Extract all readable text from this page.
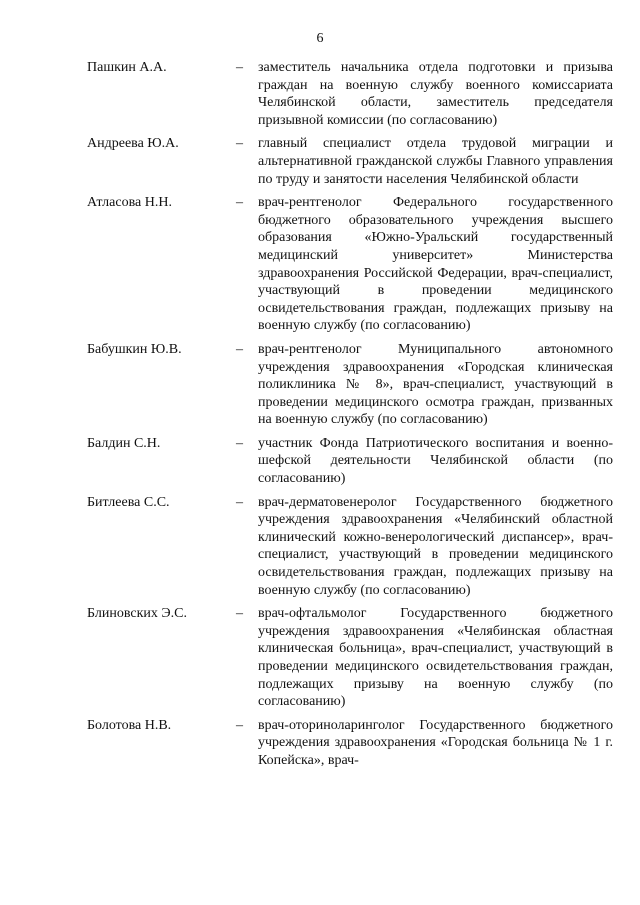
6
Пашкин А.А.	– заместитель начальника отдела подготовки и призыва граждан на военную службу военного комиссариата Челябинской области, заместитель председателя призывной комиссии (по согласованию)
Андреева Ю.А.	– главный специалист отдела трудовой миграции и альтернативной гражданской службы Главного управления по труду и занятости населения Челябинской области
Атласова Н.Н.	– врач-рентгенолог Федерального государственного бюджетного образовательного учреждения высшего образования «Южно-Уральский государственный медицинский университет» Министерства здравоохранения Российской Федерации, врач-специалист, участвующий в проведении медицинского освидетельствования граждан, подлежащих призыву на военную службу (по согласованию)
Бабушкин Ю.В.	– врач-рентгенолог Муниципального автономного учреждения здравоохранения «Городская клиническая поликлиника № 8», врач-специалист, участвующий в проведении медицинского осмотра граждан, призванных на военную службу (по согласованию)
Балдин С.Н.	– участник Фонда Патриотического воспитания и военно-шефской деятельности Челябинской области (по согласованию)
Битлеева С.С.	– врач-дерматовенеролог Государственного бюджетного учреждения здравоохранения «Челябинский областной клинический кожно-венерологический диспансер», врач-специалист, участвующий в проведении медицинского освидетельствования граждан, подлежащих призыву на военную службу (по согласованию)
Блиновских Э.С.	– врач-офтальмолог Государственного бюджетного учреждения здравоохранения «Челябинская областная клиническая больница», врач-специалист, участвующий в проведении медицинского освидетельствования граждан, подлежащих призыву на военную службу (по согласованию)
Болотова Н.В.	– врач-оториноларинголог Государственного бюджетного учреждения здравоохранения «Городская больница № 1 г. Копейска», врач-
